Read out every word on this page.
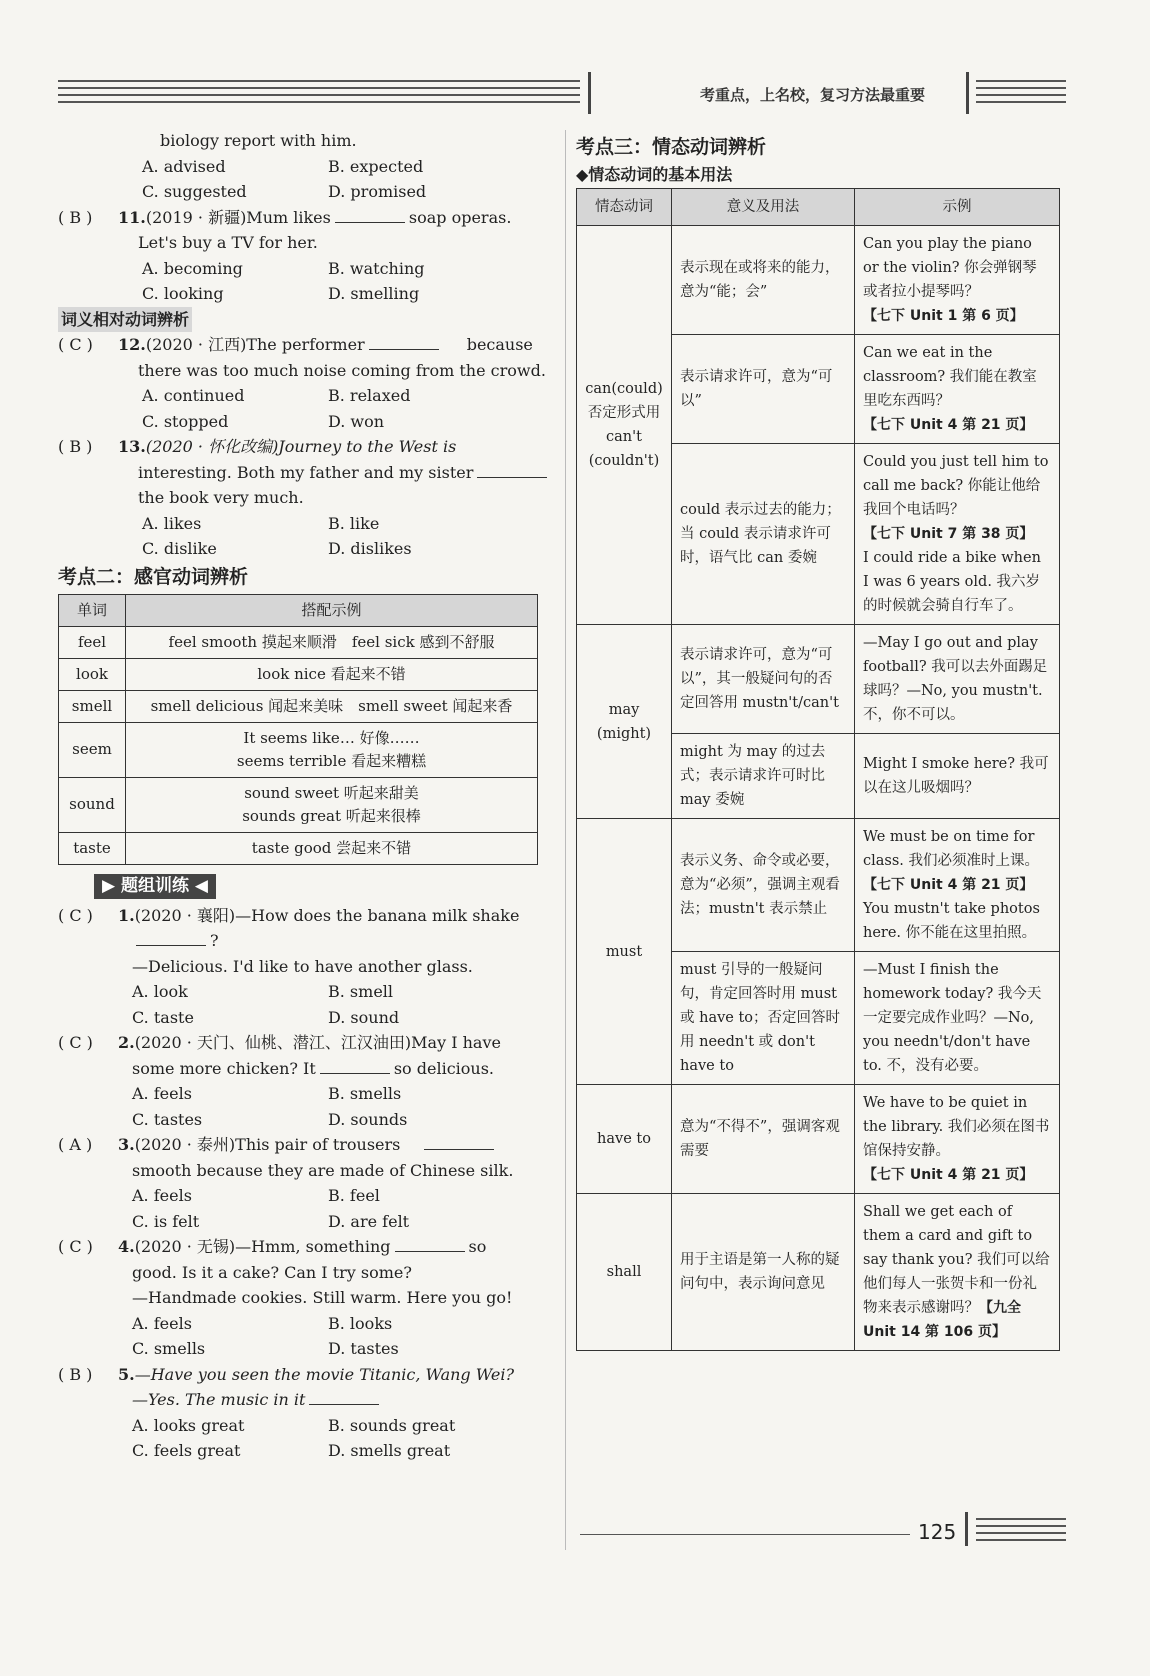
考重点，上名校，复习方法最重要
biology report with him.
A. advised	B. expected
C. suggested	D. promised
( B ) 11.(2019 · 新疆)Mum likes	soap operas.
Let's buy a TV for her.
A. becoming	B. watching
C. looking	D. smelling
词义相对动词辨析
( C ) 12.(2020 · 江西)The performer	because
there was too much noise coming from the crowd.
A. continued	B. relaxed
C. stopped	D. won
( B ) 13.(2020 · 怀化改编)Journey to the West is
interesting. Both my father and my sister
the book very much.
A. likes	B. like
C. dislike	D. dislikes
考点二：感官动词辨析
单词	搭配示例
feel	feel smooth 摸起来顺滑　feel sick 感到不舒服
look	look nice 看起来不错
smell	smell delicious 闻起来美味　smell sweet 闻起来香
seem	It seems like… 好像……
seems terrible 看起来糟糕

sound	sound sweet 听起来甜美
sounds great 听起来很棒

taste	taste good 尝起来不错
▶ 题组训练 ◀
( C ) 1.(2020 · 襄阳)—How does the banana milk shake
?
—Delicious. I'd like to have another glass.
A. look	B. smell
C. taste	D. sound
( C ) 2.(2020 · 天门、仙桃、潜江、江汉油田)May I have
some more chicken? It	so delicious.
A. feels	B. smells
C. tastes	D. sounds
( A ) 3.(2020 · 泰州)This pair of trousers
smooth because they are made of Chinese silk.
A. feels	B. feel
C. is felt	D. are felt
( C ) 4.(2020 · 无锡)—Hmm, something	so
good. Is it a cake? Can I try some?
—Handmade cookies. Still warm. Here you go!
A. feels	B. looks
C. smells	D. tastes
( B ) 5.—Have you seen the movie Titanic, Wang Wei?
—Yes. The music in it
A. looks great	B. sounds great
C. feels great	D. smells great
考点三：情态动词辨析
◆情态动词的基本用法
情态动词	意义及用法	示例
can(could)否定形式用 can't (couldn't)	表示现在或将来的能力，意为“能；会”	Can you play the piano or the violin? 你会弹钢琴或者拉小提琴吗？
【七下 Unit 1 第 6 页】

	表示请求许可，意为“可以”	Can we eat in the classroom? 我们能在教室里吃东西吗？
【七下 Unit 4 第 21 页】

	could 表示过去的能力；当 could 表示请求许可时，语气比 can 委婉	Could you just tell him to call me back? 你能让他给我回个电话吗？
【七下 Unit 7 第 38 页】
I could ride a bike when I was 6 years old. 我六岁的时候就会骑自行车了。

may (might)	表示请求许可，意为“可以”，其一般疑问句的否定回答用 mustn't/can't	—May I go out and play football? 我可以去外面踢足球吗？—No, you mustn't. 不，你不可以。
	might 为 may 的过去式；表示请求许可时比 may 委婉	Might I smoke here? 我可以在这儿吸烟吗？
must	表示义务、命令或必要，意为“必须”，强调主观看法；mustn't 表示禁止	We must be on time for class. 我们必须准时上课。
【七下 Unit 4 第 21 页】
You mustn't take photos here. 你不能在这里拍照。

	must 引导的一般疑问句，肯定回答时用 must 或 have to；否定回答时用 needn't 或 don't have to	—Must I finish the homework today? 我今天一定要完成作业吗？—No, you needn't/don't have to. 不，没有必要。
have to	意为“不得不”，强调客观需要	We have to be quiet in the library. 我们必须在图书馆保持安静。
【七下 Unit 4 第 21 页】

shall	用于主语是第一人称的疑问句中，表示询问意见	Shall we get each of them a card and gift to say thank you? 我们可以给他们每人一张贺卡和一份礼物来表示感谢吗？【九全 Unit 14 第 106 页】
125
